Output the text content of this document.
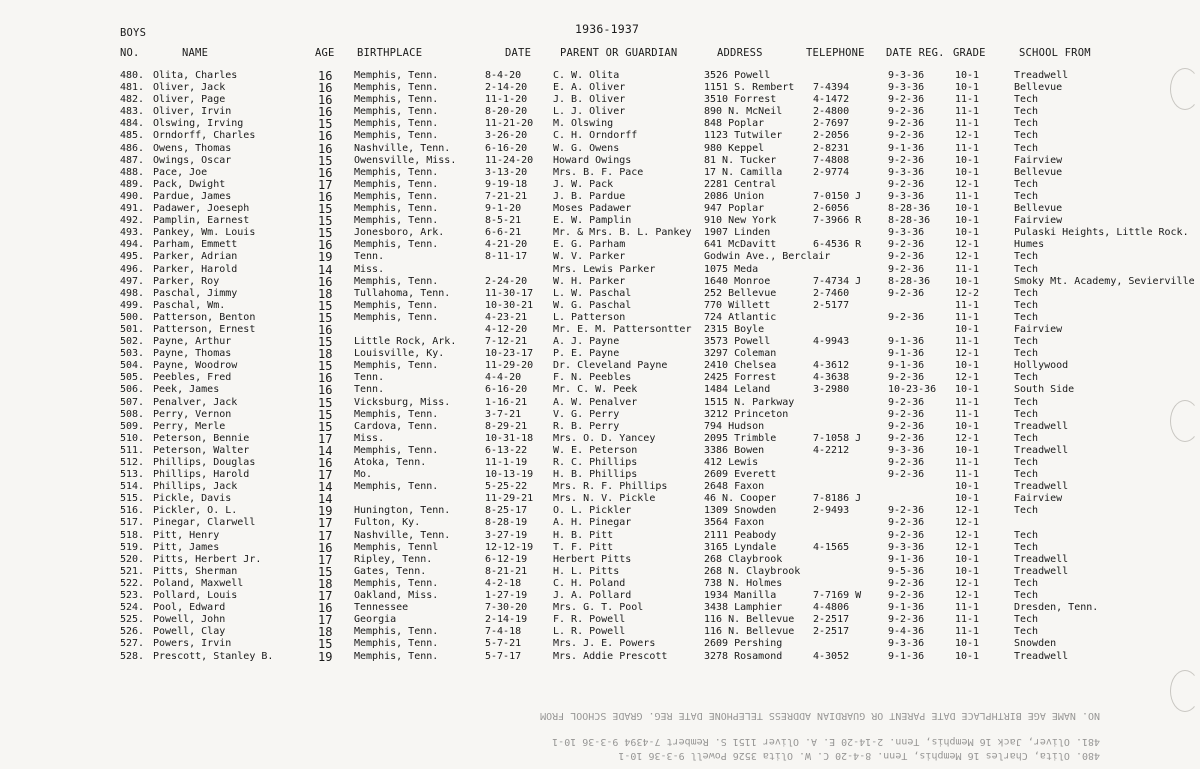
BOYS	1936-1937
NO.	NAME	AGE BIRTHPLACE	DATE	PARENT OR GUARDIAN	ADDRESS	TELEPHONE DATE REG. GRADE	SCHOOL FROM
480. Olita, Charles	16 Memphis, Tenn.	8-4-20	C. W. Olita	3526 Powell	9-3-36	10-1	Treadwell
481. Oliver, Jack	16 Memphis, Tenn.	2-14-20	E. A. Oliver	1151 S. Rembert 7-4394	9-3-36	10-1	Bellevue
482. Oliver, Page	16 Memphis, Tenn.	11-1-20	J. B. Oliver	3510 Forrest	4-1472	9-2-36	11-1	Tech
483. Oliver, Irvin	16 Memphis, Tenn.	8-20-20	L. J. Oliver	890 N. McNeil	2-4800	9-2-36	11-1	Tech
484. Olswing, Irving	15 Memphis, Tenn.	11-21-20 M. Olswing	848 Poplar	2-7697	9-2-36	11-1	Tech
485. Orndorff, Charles	16 Memphis, Tenn.	3-26-20	C. H. Orndorff	1123 Tutwiler	2-2056	9-2-36	12-1	Tech
486. Owens, Thomas	16 Nashville, Tenn.	6-16-20	W. G. Owens	980 Keppel	2-8231	9-1-36	11-1	Tech
487. Owings, Oscar	15 Owensville, Miss.	11-24-20 Howard Owings	81 N. Tucker	7-4808	9-2-36	10-1	Fairview
488. Pace, Joe	16 Memphis, Tenn.	3-13-20	Mrs. B. F. Pace	17 N. Camilla	2-9774	9-3-36	10-1	Bellevue
489. Pack, Dwight	17 Memphis, Tenn.	9-19-18	J. W. Pack	2281 Central	9-2-36	12-1	Tech
490. Pardue, James	16 Memphis, Tenn.	7-21-21	J. B. Pardue	2086 Union	7-0150 J	9-3-36	11-1	Tech
491. Padawer, Joeseph	15 Memphis, Tenn.	9-1-20	Moses Padawer	947 Poplar	2-6056	8-28-36 10-1	Bellevue
492. Pamplin, Earnest	15 Memphis, Tenn.	8-5-21	E. W. Pamplin	910 New York	7-3966 R	8-28-36 10-1	Fairview
493. Pankey, Wm. Louis	15 Jonesboro, Ark.	6-6-21	Mr. & Mrs. B. L. Pankey 1907 Linden	9-3-36	10-1	Pulaski Heights, Little Rock.
494. Parham, Emmett	16 Memphis, Tenn.	4-21-20	E. G. Parham	641 McDavitt	6-4536 R	9-2-36	12-1	Humes
495. Parker, Adrian	19 Tenn.	8-11-17	W. V. Parker	Godwin Ave., Berclair	9-2-36	12-1	Tech
496. Parker, Harold	14 Miss.	Mrs. Lewis Parker	1075 Meda	9-2-36	11-1	Tech
497. Parker, Roy	16 Memphis, Tenn.	2-24-20	W. H. Parker	1640 Monroe	7-4734 J	8-28-36 10-1	Smoky Mt. Academy, Sevierville
498. Paschal, Jimmy	18 Tullahoma, Tenn.	11-30-17 L. W. Paschal	252 Bellevue	2-7460	9-2-36	12-2	Tech
499. Paschal, Wm.	15 Memphis, Tenn.	10-30-21 W. G. Paschal	770 Willett	2-5177	11-1	Tech
500. Patterson, Benton	15 Memphis, Tenn.	4-23-21	L. Patterson	724 Atlantic	9-2-36	11-1	Tech
501. Patterson, Ernest	16	4-12-20	Mr. E. M. Pattersontter 2315 Boyle	10-1	Fairview
502. Payne, Arthur	15 Little Rock, Ark.	7-12-21	A. J. Payne	3573 Powell	4-9943	9-1-36	11-1	Tech
503. Payne, Thomas	18 Louisville, Ky.	10-23-17 P. E. Payne	3297 Coleman	9-1-36	12-1	Tech
504. Payne, Woodrow	15 Memphis, Tenn.	11-29-20 Dr. Cleveland Payne	2410 Chelsea	4-3612	9-1-36	10-1	Hollywood
505. Peebles, Fred	16 Tenn.	4-4-20	F. N. Peebles	2425 Forrest	4-3638	9-2-36	12-1	Tech
506. Peek, James	16 Tenn.	6-16-20	Mr. C. W. Peek	1484 Leland	3-2980	10-23-36 10-1	South Side
507. Penalver, Jack	15 Vicksburg, Miss.	1-16-21	A. W. Penalver	1515 N. Parkway	9-2-36	11-1	Tech
508. Perry, Vernon	15 Memphis, Tenn.	3-7-21	V. G. Perry	3212 Princeton	9-2-36	11-1	Tech
509. Perry, Merle	15 Cardova, Tenn.	8-29-21	R. B. Perry	794 Hudson	9-2-36	10-1	Treadwell
510. Peterson, Bennie	17 Miss.	10-31-18 Mrs. O. D. Yancey	2095 Trimble	7-1058 J	9-2-36	12-1	Tech
511. Peterson, Walter	14 Memphis, Tenn.	6-13-22	W. E. Peterson	3386 Bowen	4-2212	9-3-36	10-1	Treadwell
512. Phillips, Douglas	16 Atoka, Tenn.	11-1-19	R. C. Phillips	412 Lewis	9-2-36	11-1	Tech
513. Phillips, Harold	17 Mo.	10-13-19 H. B. Phillips	2609 Everett	9-2-36	11-1	Tech
514. Phillips, Jack	14 Memphis, Tenn.	5-25-22	Mrs. R. F. Phillips	2648 Faxon	10-1	Treadwell
515. Pickle, Davis	14	11-29-21 Mrs. N. V. Pickle	46 N. Cooper	7-8186 J	10-1	Fairview
516. Pickler, O. L.	19 Hunington, Tenn.	8-25-17	O. L. Pickler	1309 Snowden	2-9493	9-2-36	12-1	Tech
517. Pinegar, Clarwell	17 Fulton, Ky.	8-28-19	A. H. Pinegar	3564 Faxon	9-2-36	12-1
518. Pitt, Henry	17 Nashville, Tenn.	3-27-19	H. B. Pitt	2111 Peabody	9-2-36	12-1	Tech
519. Pitt, James	16 Memphis, Tennl	12-12-19 T. F. Pitt	3165 Lyndale	4-1565	9-3-36	12-1	Tech
520. Pitts, Herbert Jr.	17 Ripley, Tenn.	6-12-19	Herbert Pitts	268 Claybrook	9-1-36	10-1	Treadwell
521. Pitts, Sherman	15 Gates, Tenn.	8-21-21	H. L. Pitts	268 N. Claybrook	9-5-36	10-1	Treadwell
522. Poland, Maxwell	18 Memphis, Tenn.	4-2-18	C. H. Poland	738 N. Holmes	9-2-36	12-1	Tech
523. Pollard, Louis	17 Oakland, Miss.	1-27-19	J. A. Pollard	1934 Manilla	7-7169 W	9-2-36	12-1	Tech
524. Pool, Edward	16 Tennessee	7-30-20	Mrs. G. T. Pool	3438 Lamphier	4-4806	9-1-36	11-1	Dresden, Tenn.
525. Powell, John	17 Georgia	2-14-19	F. R. Powell	116 N. Bellevue 2-2517	9-2-36	11-1	Tech
526. Powell, Clay	18 Memphis, Tenn.	7-4-18	L. R. Powell	116 N. Bellevue 2-2517	9-4-36	11-1	Tech
527. Powers, Irvin	15 Memphis, Tenn.	5-7-21	Mrs. J. E. Powers	2609 Pershing	9-3-36	10-1	Snowden
528. Prescott, Stanley B.	19 Memphis, Tenn.	5-7-17	Mrs. Addie Prescott	3278 Rosamond	4-3052	9-1-36	10-1	Treadwell
480. Olita, Charles 16 Memphis, Tenn. 8-4-20 C. W. Olita 3526 Powell 9-3-36 10-1
481. Oliver, Jack 16 Memphis, Tenn. 2-14-20 E. A. Oliver 1151 S. Rembert 7-4394 9-3-36 10-1
NO. NAME AGE BIRTHPLACE DATE PARENT OR GUARDIAN ADDRESS TELEPHONE DATE REG. GRADE SCHOOL FROM
